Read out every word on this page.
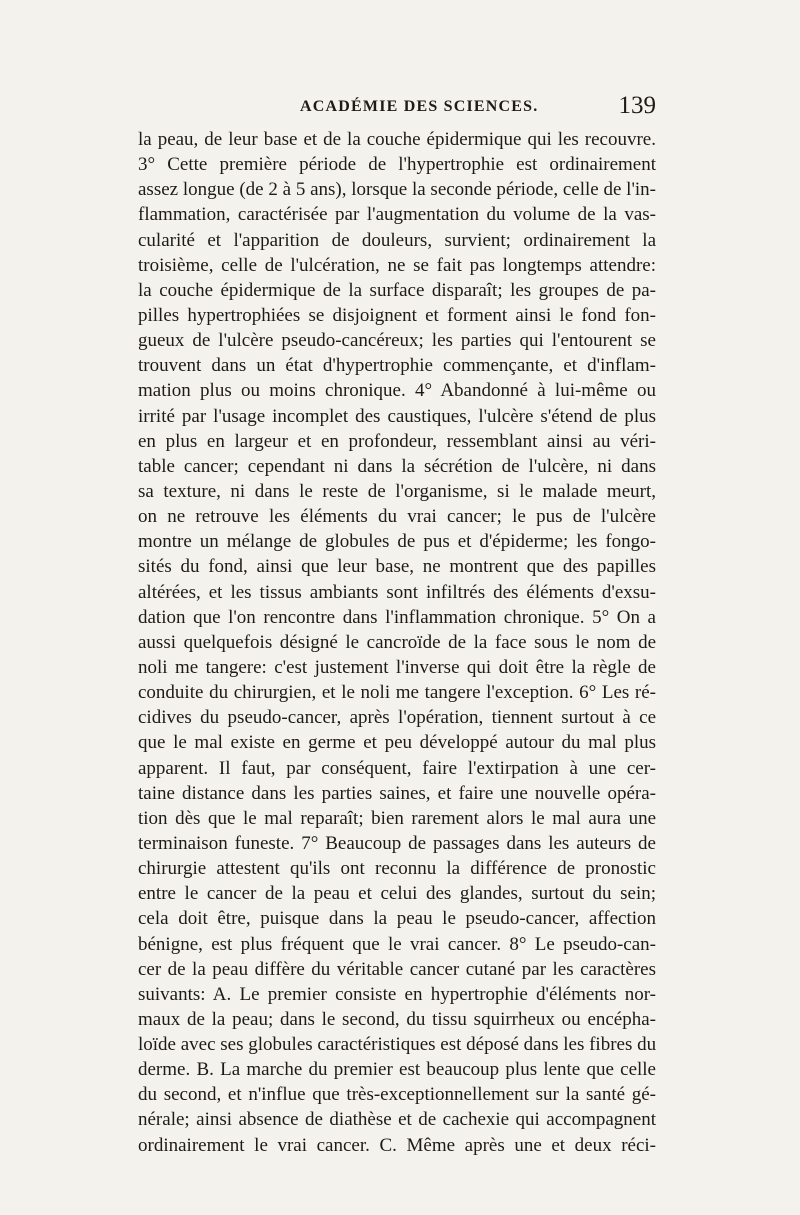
ACADÉMIE DES SCIENCES.	139
la peau, de leur base et de la couche épidermique qui les recouvre.
3° Cette première période de l'hypertrophie est ordinairement
assez longue (de 2 à 5 ans), lorsque la seconde période, celle de l'in-
flammation, caractérisée par l'augmentation du volume de la vas-
cularité et l'apparition de douleurs, survient; ordinairement la
troisième, celle de l'ulcération, ne se fait pas longtemps attendre:
la couche épidermique de la surface disparaît; les groupes de pa-
pilles hypertrophiées se disjoignent et forment ainsi le fond fon-
gueux de l'ulcère pseudo-cancéreux; les parties qui l'entourent se
trouvent dans un état d'hypertrophie commençante, et d'inflam-
mation plus ou moins chronique. 4° Abandonné à lui-même ou
irrité par l'usage incomplet des caustiques, l'ulcère s'étend de plus
en plus en largeur et en profondeur, ressemblant ainsi au véri-
table cancer; cependant ni dans la sécrétion de l'ulcère, ni dans
sa texture, ni dans le reste de l'organisme, si le malade meurt,
on ne retrouve les éléments du vrai cancer; le pus de l'ulcère
montre un mélange de globules de pus et d'épiderme; les fongo-
sités du fond, ainsi que leur base, ne montrent que des papilles
altérées, et les tissus ambiants sont infiltrés des éléments d'exsu-
dation que l'on rencontre dans l'inflammation chronique. 5° On a
aussi quelquefois désigné le cancroïde de la face sous le nom de
noli me tangere: c'est justement l'inverse qui doit être la règle de
conduite du chirurgien, et le noli me tangere l'exception. 6° Les ré-
cidives du pseudo-cancer, après l'opération, tiennent surtout à ce
que le mal existe en germe et peu développé autour du mal plus
apparent. Il faut, par conséquent, faire l'extirpation à une cer-
taine distance dans les parties saines, et faire une nouvelle opéra-
tion dès que le mal reparaît; bien rarement alors le mal aura une
terminaison funeste. 7° Beaucoup de passages dans les auteurs de
chirurgie attestent qu'ils ont reconnu la différence de pronostic
entre le cancer de la peau et celui des glandes, surtout du sein;
cela doit être, puisque dans la peau le pseudo-cancer, affection
bénigne, est plus fréquent que le vrai cancer. 8° Le pseudo-can-
cer de la peau diffère du véritable cancer cutané par les caractères
suivants: A. Le premier consiste en hypertrophie d'éléments nor-
maux de la peau; dans le second, du tissu squirrheux ou encépha-
loïde avec ses globules caractéristiques est déposé dans les fibres du
derme. B. La marche du premier est beaucoup plus lente que celle
du second, et n'influe que très-exceptionnellement sur la santé gé-
nérale; ainsi absence de diathèse et de cachexie qui accompagnent
ordinairement le vrai cancer. C. Même après une et deux réci-
